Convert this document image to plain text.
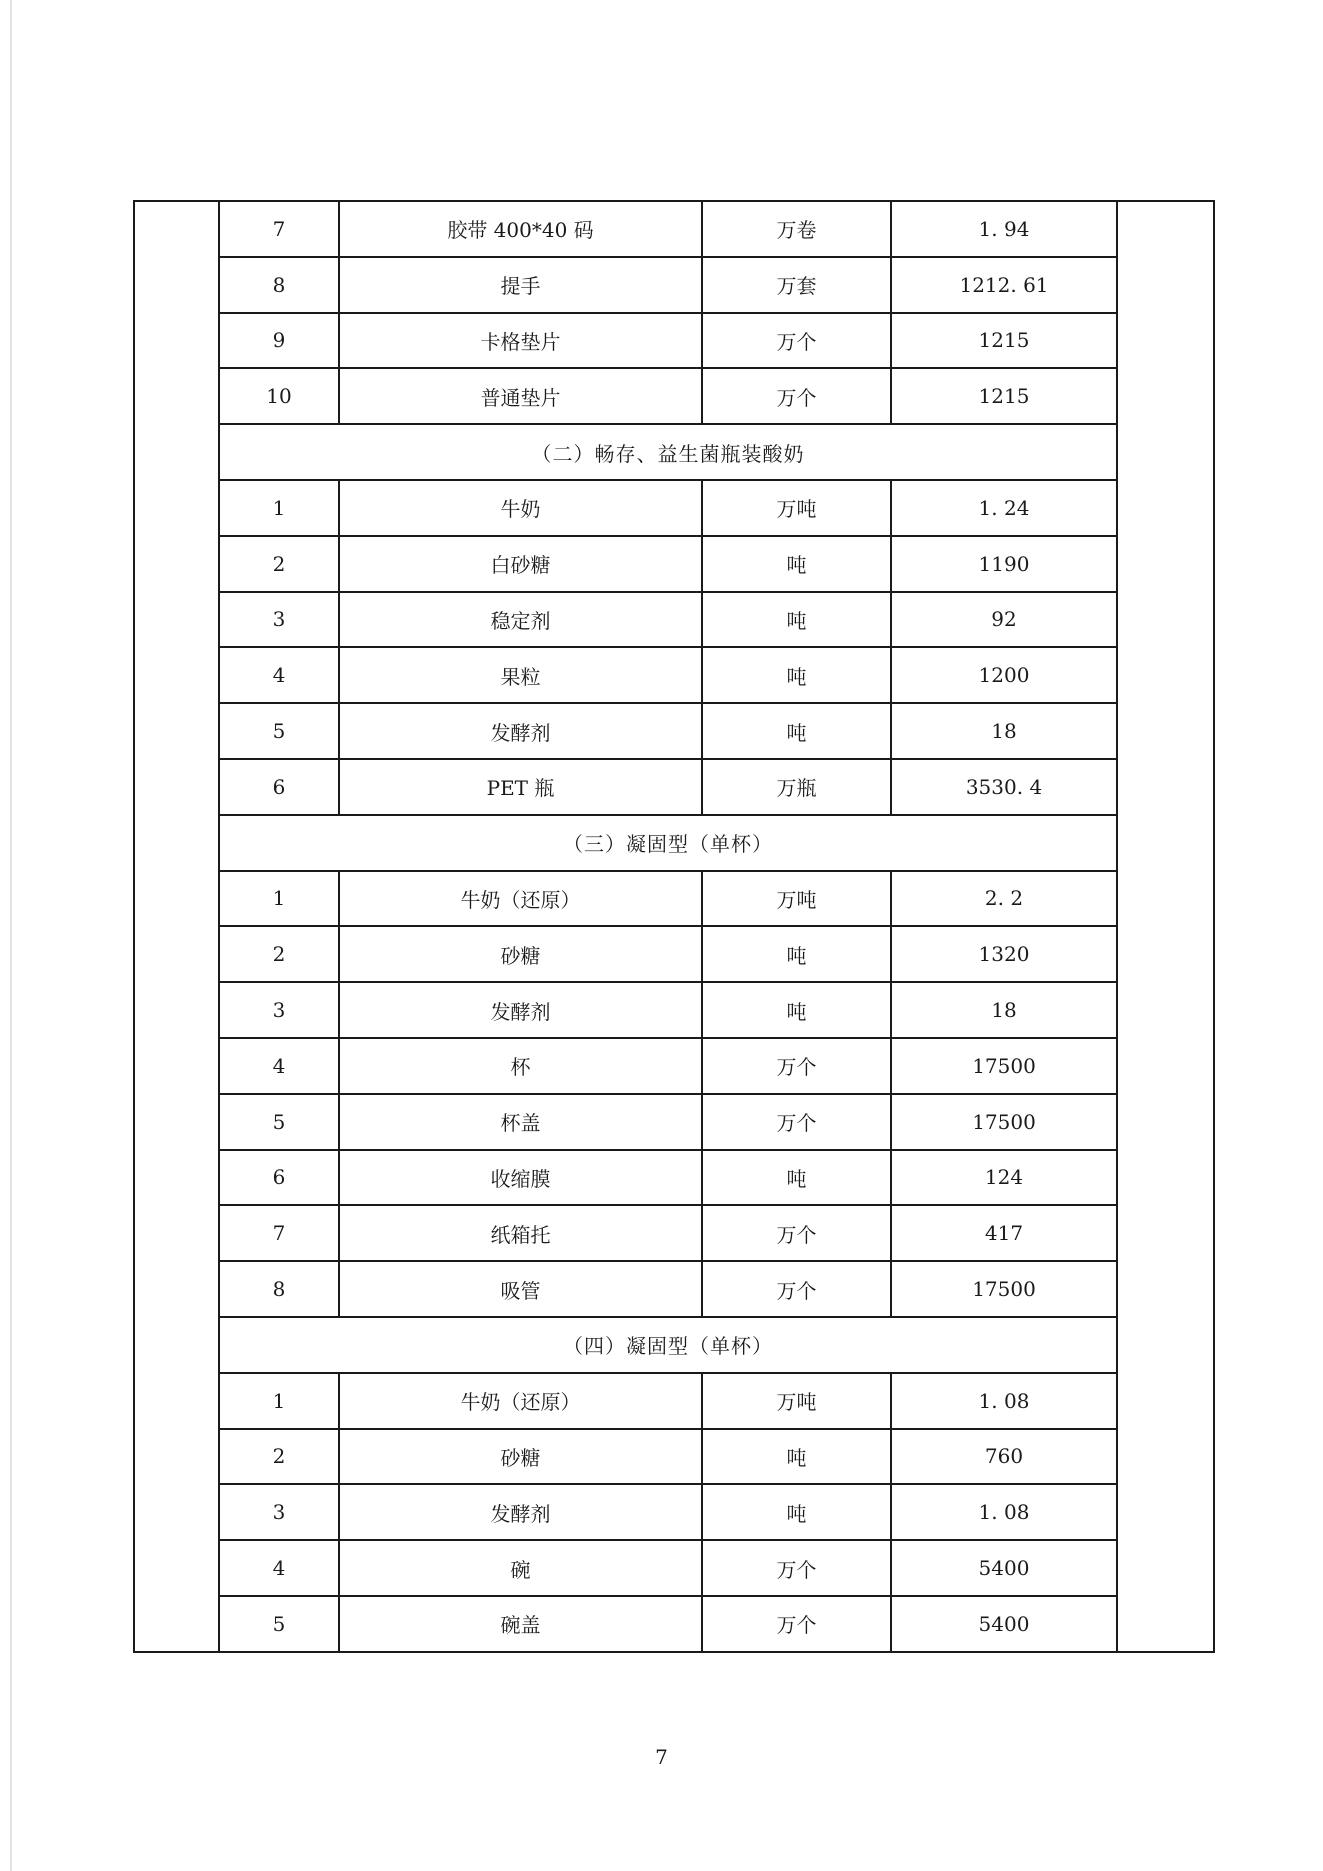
	7	胶带 400*40 码	万卷	1. 94	
	8	提手	万套	1212. 61	
	9	卡格垫片	万个	1215	
	10	普通垫片	万个	1215	
	（二）畅存、益生菌瓶装酸奶				
	1	牛奶	万吨	1. 24	
	2	白砂糖	吨	1190	
	3	稳定剂	吨	92	
	4	果粒	吨	1200	
	5	发酵剂	吨	18	
	6	PET 瓶	万瓶	3530. 4	
	（三）凝固型（单杯）				
	1	牛奶（还原）	万吨	2. 2	
	2	砂糖	吨	1320	
	3	发酵剂	吨	18	
	4	杯	万个	17500	
	5	杯盖	万个	17500	
	6	收缩膜	吨	124	
	7	纸箱托	万个	417	
	8	吸管	万个	17500	
	（四）凝固型（单杯）				
	1	牛奶（还原）	万吨	1. 08	
	2	砂糖	吨	760	
	3	发酵剂	吨	1. 08	
	4	碗	万个	5400	
	5	碗盖	万个	5400	
7
